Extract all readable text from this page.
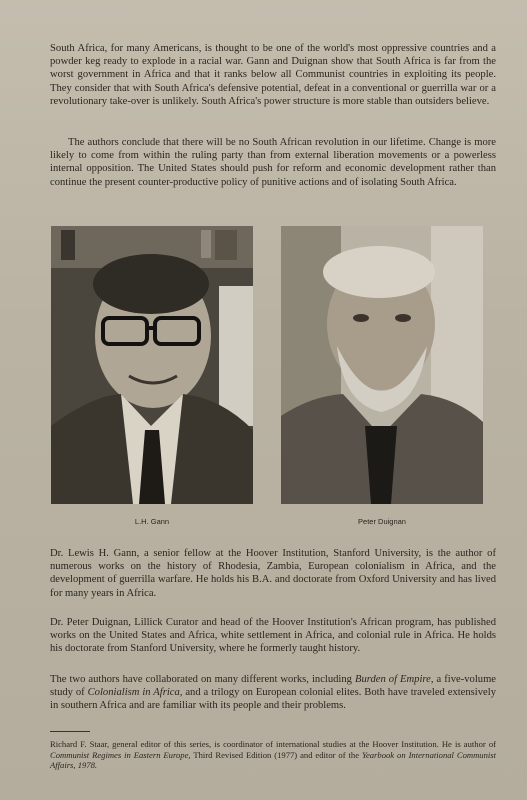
South Africa, for many Americans, is thought to be one of the world's most oppressive countries and a powder keg ready to explode in a racial war. Gann and Duignan show that South Africa is far from the worst government in Africa and that it ranks below all Communist countries in exploiting its people. They consider that with South Africa's defensive potential, defeat in a conventional or guerrilla war or a revolutionary take-over is unlikely. South Africa's power structure is more stable than outsiders believe.

The authors conclude that there will be no South African revolution in our lifetime. Change is more likely to come from within the ruling party than from external liberation movements or a powerless internal opposition. The United States should push for reform and economic development rather than continue the present counter-productive policy of punitive actions and of isolating South Africa.

L.H. Gann	Peter Duignan

Dr. Lewis H. Gann, a senior fellow at the Hoover Institution, Stanford University, is the author of numerous works on the history of Rhodesia, Zambia, European colonialism in Africa, and the development of guerrilla warfare. He holds his B.A. and doctorate from Oxford University and has lived for many years in Africa.

Dr. Peter Duignan, Lillick Curator and head of the Hoover Institution's African program, has published works on the United States and Africa, white settlement in Africa, and colonial rule in Africa. He holds his doctorate from Stanford University, where he formerly taught history.

The two authors have collaborated on many different works, including Burden of Empire, a five-volume study of Colonialism in Africa, and a trilogy on European colonial elites. Both have traveled extensively in southern Africa and are familiar with its people and their problems.

Richard F. Staar, general editor of this series, is coordinator of international studies at the Hoover Institution. He is author of Communist Regimes in Eastern Europe, Third Revised Edition (1977) and editor of the Yearbook on International Communist Affairs, 1978.
